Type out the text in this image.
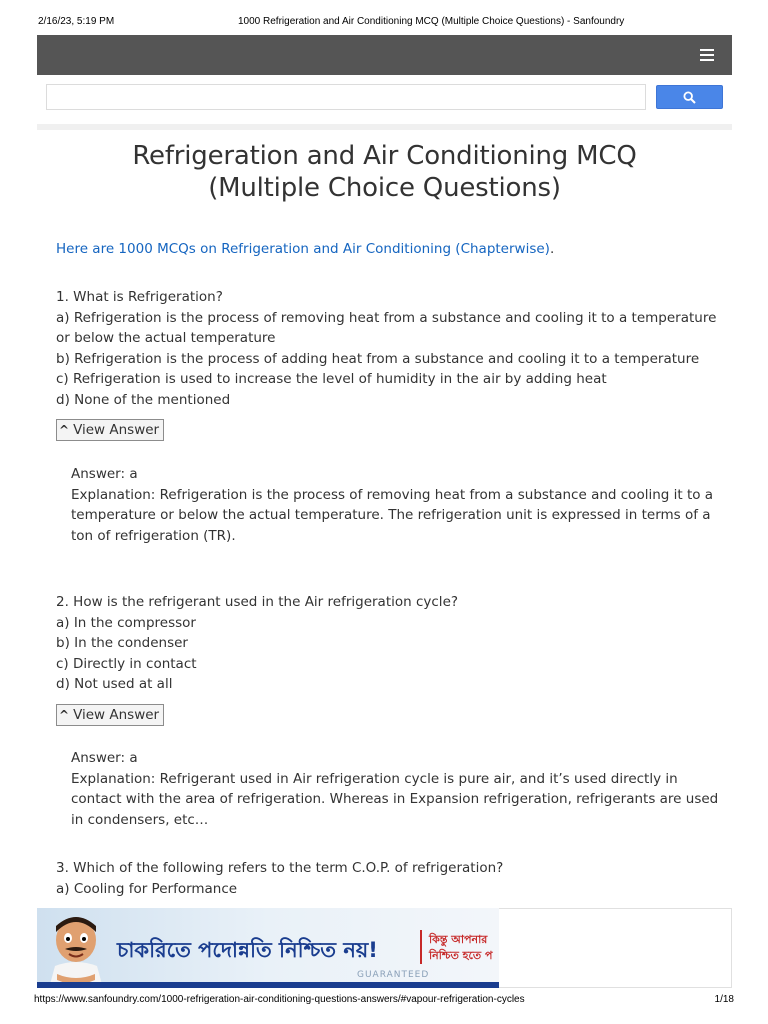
2/16/23, 5:19 PM	1000 Refrigeration and Air Conditioning MCQ (Multiple Choice Questions) - Sanfoundry
Refrigeration and Air Conditioning MCQ
(Multiple Choice Questions)
Here are 1000 MCQs on Refrigeration and Air Conditioning (Chapterwise).
1. What is Refrigeration?
a) Refrigeration is the process of removing heat from a substance and cooling it to a temperature or below the actual temperature
b) Refrigeration is the process of adding heat from a substance and cooling it to a temperature
c) Refrigeration is used to increase the level of humidity in the air by adding heat
d) None of the mentioned
^ View Answer
Answer: a
Explanation: Refrigeration is the process of removing heat from a substance and cooling it to a temperature or below the actual temperature. The refrigeration unit is expressed in terms of a ton of refrigeration (TR).
2. How is the refrigerant used in the Air refrigeration cycle?
a) In the compressor
b) In the condenser
c) Directly in contact
d) Not used at all
^ View Answer
Answer: a
Explanation: Refrigerant used in Air refrigeration cycle is pure air, and it’s used directly in contact with the area of refrigeration. Whereas in Expansion refrigeration, refrigerants are used in condensers, etc…
3. Which of the following refers to the term C.O.P. of refrigeration?
a) Cooling for Performance
চাকরিতে পদোন্নতি নিশ্চিত নয়!	কিন্তু আপনার
নিশ্চিত হতে প
GUARANTEED
https://www.sanfoundry.com/1000-refrigeration-air-conditioning-questions-answers/#vapour-refrigeration-cycles	1/18
